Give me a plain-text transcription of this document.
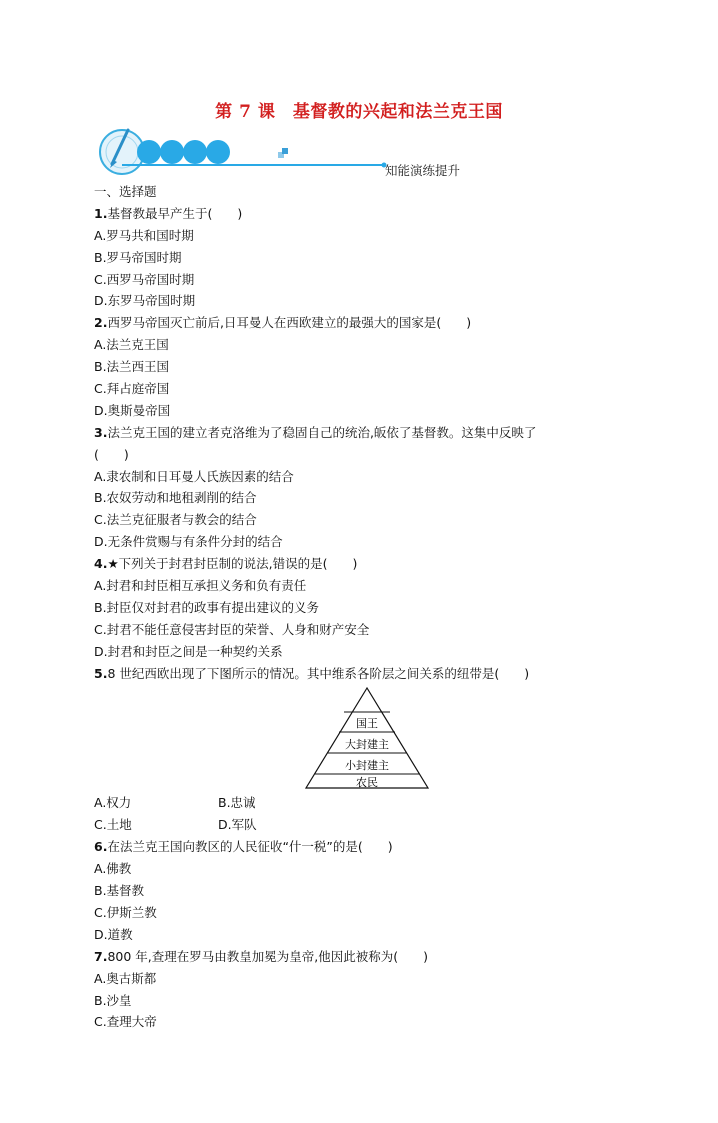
第 7 课　基督教的兴起和法兰克王国
知能演练提升
一、选择题
1.基督教最早产生于(　　)
A.罗马共和国时期
B.罗马帝国时期
C.西罗马帝国时期
D.东罗马帝国时期
2.西罗马帝国灭亡前后,日耳曼人在西欧建立的最强大的国家是(　　)
A.法兰克王国
B.法兰西王国
C.拜占庭帝国
D.奥斯曼帝国
3.法兰克王国的建立者克洛维为了稳固自己的统治,皈依了基督教。这集中反映了
(　　)
A.隶农制和日耳曼人氏族因素的结合
B.农奴劳动和地租剥削的结合
C.法兰克征服者与教会的结合
D.无条件赏赐与有条件分封的结合
4.★下列关于封君封臣制的说法,错误的是(　　)
A.封君和封臣相互承担义务和负有责任
B.封臣仅对封君的政事有提出建议的义务
C.封君不能任意侵害封臣的荣誉、人身和财产安全
D.封君和封臣之间是一种契约关系
5.8 世纪西欧出现了下图所示的情况。其中维系各阶层之间关系的纽带是(　　)
国王
大封建主
小封建主
农民
A.权力	B.忠诚
C.土地	D.军队
6.在法兰克王国向教区的人民征收“什一税”的是(　　)
A.佛教
B.基督教
C.伊斯兰教
D.道教
7.800 年,查理在罗马由教皇加冕为皇帝,他因此被称为(　　)
A.奥古斯都
B.沙皇
C.查理大帝
